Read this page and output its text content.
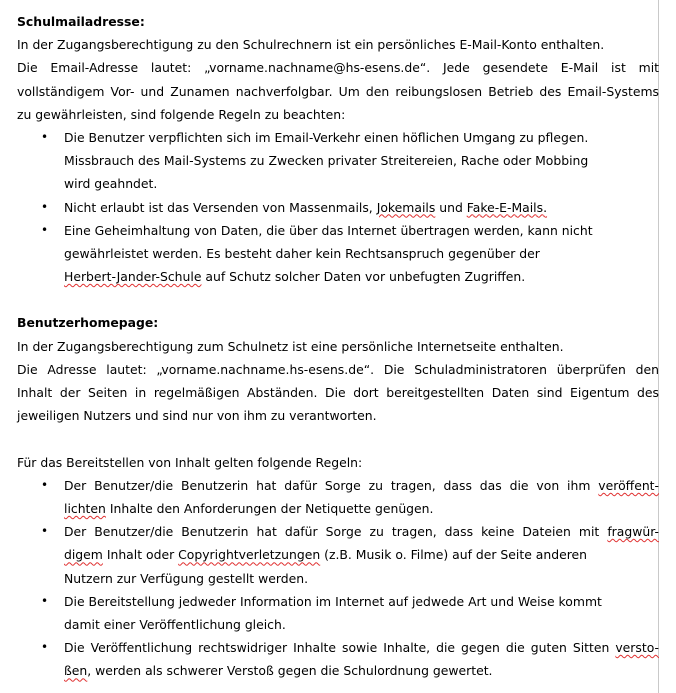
Schulmailadresse:
In der Zugangsberechtigung zu den Schulrechnern ist ein persönliches E-Mail-Konto enthalten.
Die Email-Adresse lautet: „vorname.nachname@hs-esens.de“. Jede gesendete E-Mail ist mit
vollständigem Vor- und Zunamen nachverfolgbar. Um den reibungslosen Betrieb des Email-Systems
zu gewährleisten, sind folgende Regeln zu beachten:
• Die Benutzer verpflichten sich im Email-Verkehr einen höflichen Umgang zu pflegen.
Missbrauch des Mail-Systems zu Zwecken privater Streitereien, Rache oder Mobbing
wird geahndet.
• Nicht erlaubt ist das Versenden von Massenmails, Jokemails und Fake-E-Mails.
• Eine Geheimhaltung von Daten, die über das Internet übertragen werden, kann nicht
gewährleistet werden. Es besteht daher kein Rechtsanspruch gegenüber der
Herbert-Jander-Schule auf Schutz solcher Daten vor unbefugten Zugriffen.
Benutzerhomepage:
In der Zugangsberechtigung zum Schulnetz ist eine persönliche Internetseite enthalten.
Die Adresse lautet: „vorname.nachname.hs-esens.de“. Die Schuladministratoren überprüfen den
Inhalt der Seiten in regelmäßigen Abständen. Die dort bereitgestellten Daten sind Eigentum des
jeweiligen Nutzers und sind nur von ihm zu verantworten.
Für das Bereitstellen von Inhalt gelten folgende Regeln:
• Der Benutzer/die Benutzerin hat dafür Sorge zu tragen, dass das die von ihm veröffent-
lichten Inhalte den Anforderungen der Netiquette genügen.
• Der Benutzer/die Benutzerin hat dafür Sorge zu tragen, dass keine Dateien mit fragwür-
digem Inhalt oder Copyrightverletzungen (z.B. Musik o. Filme) auf der Seite anderen
Nutzern zur Verfügung gestellt werden.
• Die Bereitstellung jedweder Information im Internet auf jedwede Art und Weise kommt
damit einer Veröffentlichung gleich.
• Die Veröffentlichung rechtswidriger Inhalte sowie Inhalte, die gegen die guten Sitten versto-
ßen, werden als schwerer Verstoß gegen die Schulordnung gewertet.
